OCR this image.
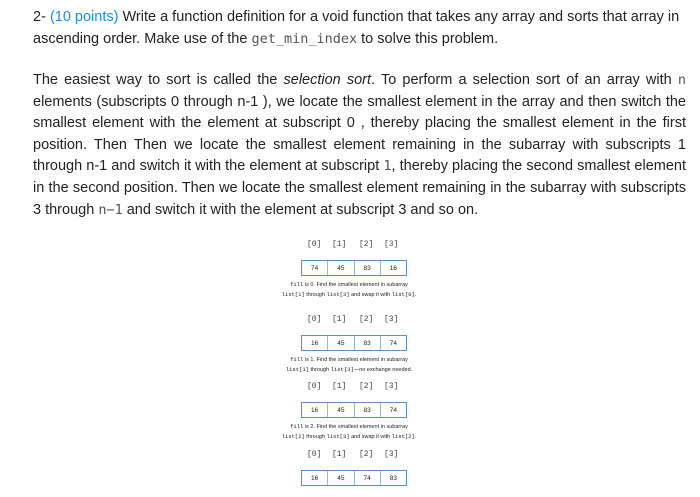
2- (10 points) Write a function definition for a void function that takes any array and sorts that array in ascending order. Make use of the get_min_index to solve this problem.
The easiest way to sort is called the selection sort. To perform a selection sort of an array with n elements (subscripts 0 through n-1 ), we locate the smallest element in the array and then switch the smallest element with the element at subscript 0 , thereby placing the smallest element in the first position. Then Then we locate the smallest element remaining in the subarray with subscripts 1 through n-1 and switch it with the element at subscript 1, thereby placing the second smallest element in the second position. Then we locate the smallest element remaining in the subarray with subscripts 3 through n−1 and switch it with the element at subscript 3 and so on.
[0] [1] [2] [3]
74	45	83	16
fill is 0. Find the smallest element in subarray
list[1] through list[3] and swap it with list[0].
[0] [1] [2] [3]
16	45	83	74
fill is 1. Find the smallest element in subarray
list[1] through list[3]—no exchange needed.
[0] [1] [2] [3]
16	45	83	74
fill is 2. Find the smallest element in subarray
list[2] through list[3] and swap it with list[2].
[0] [1] [2] [3]
16	45	74	83
